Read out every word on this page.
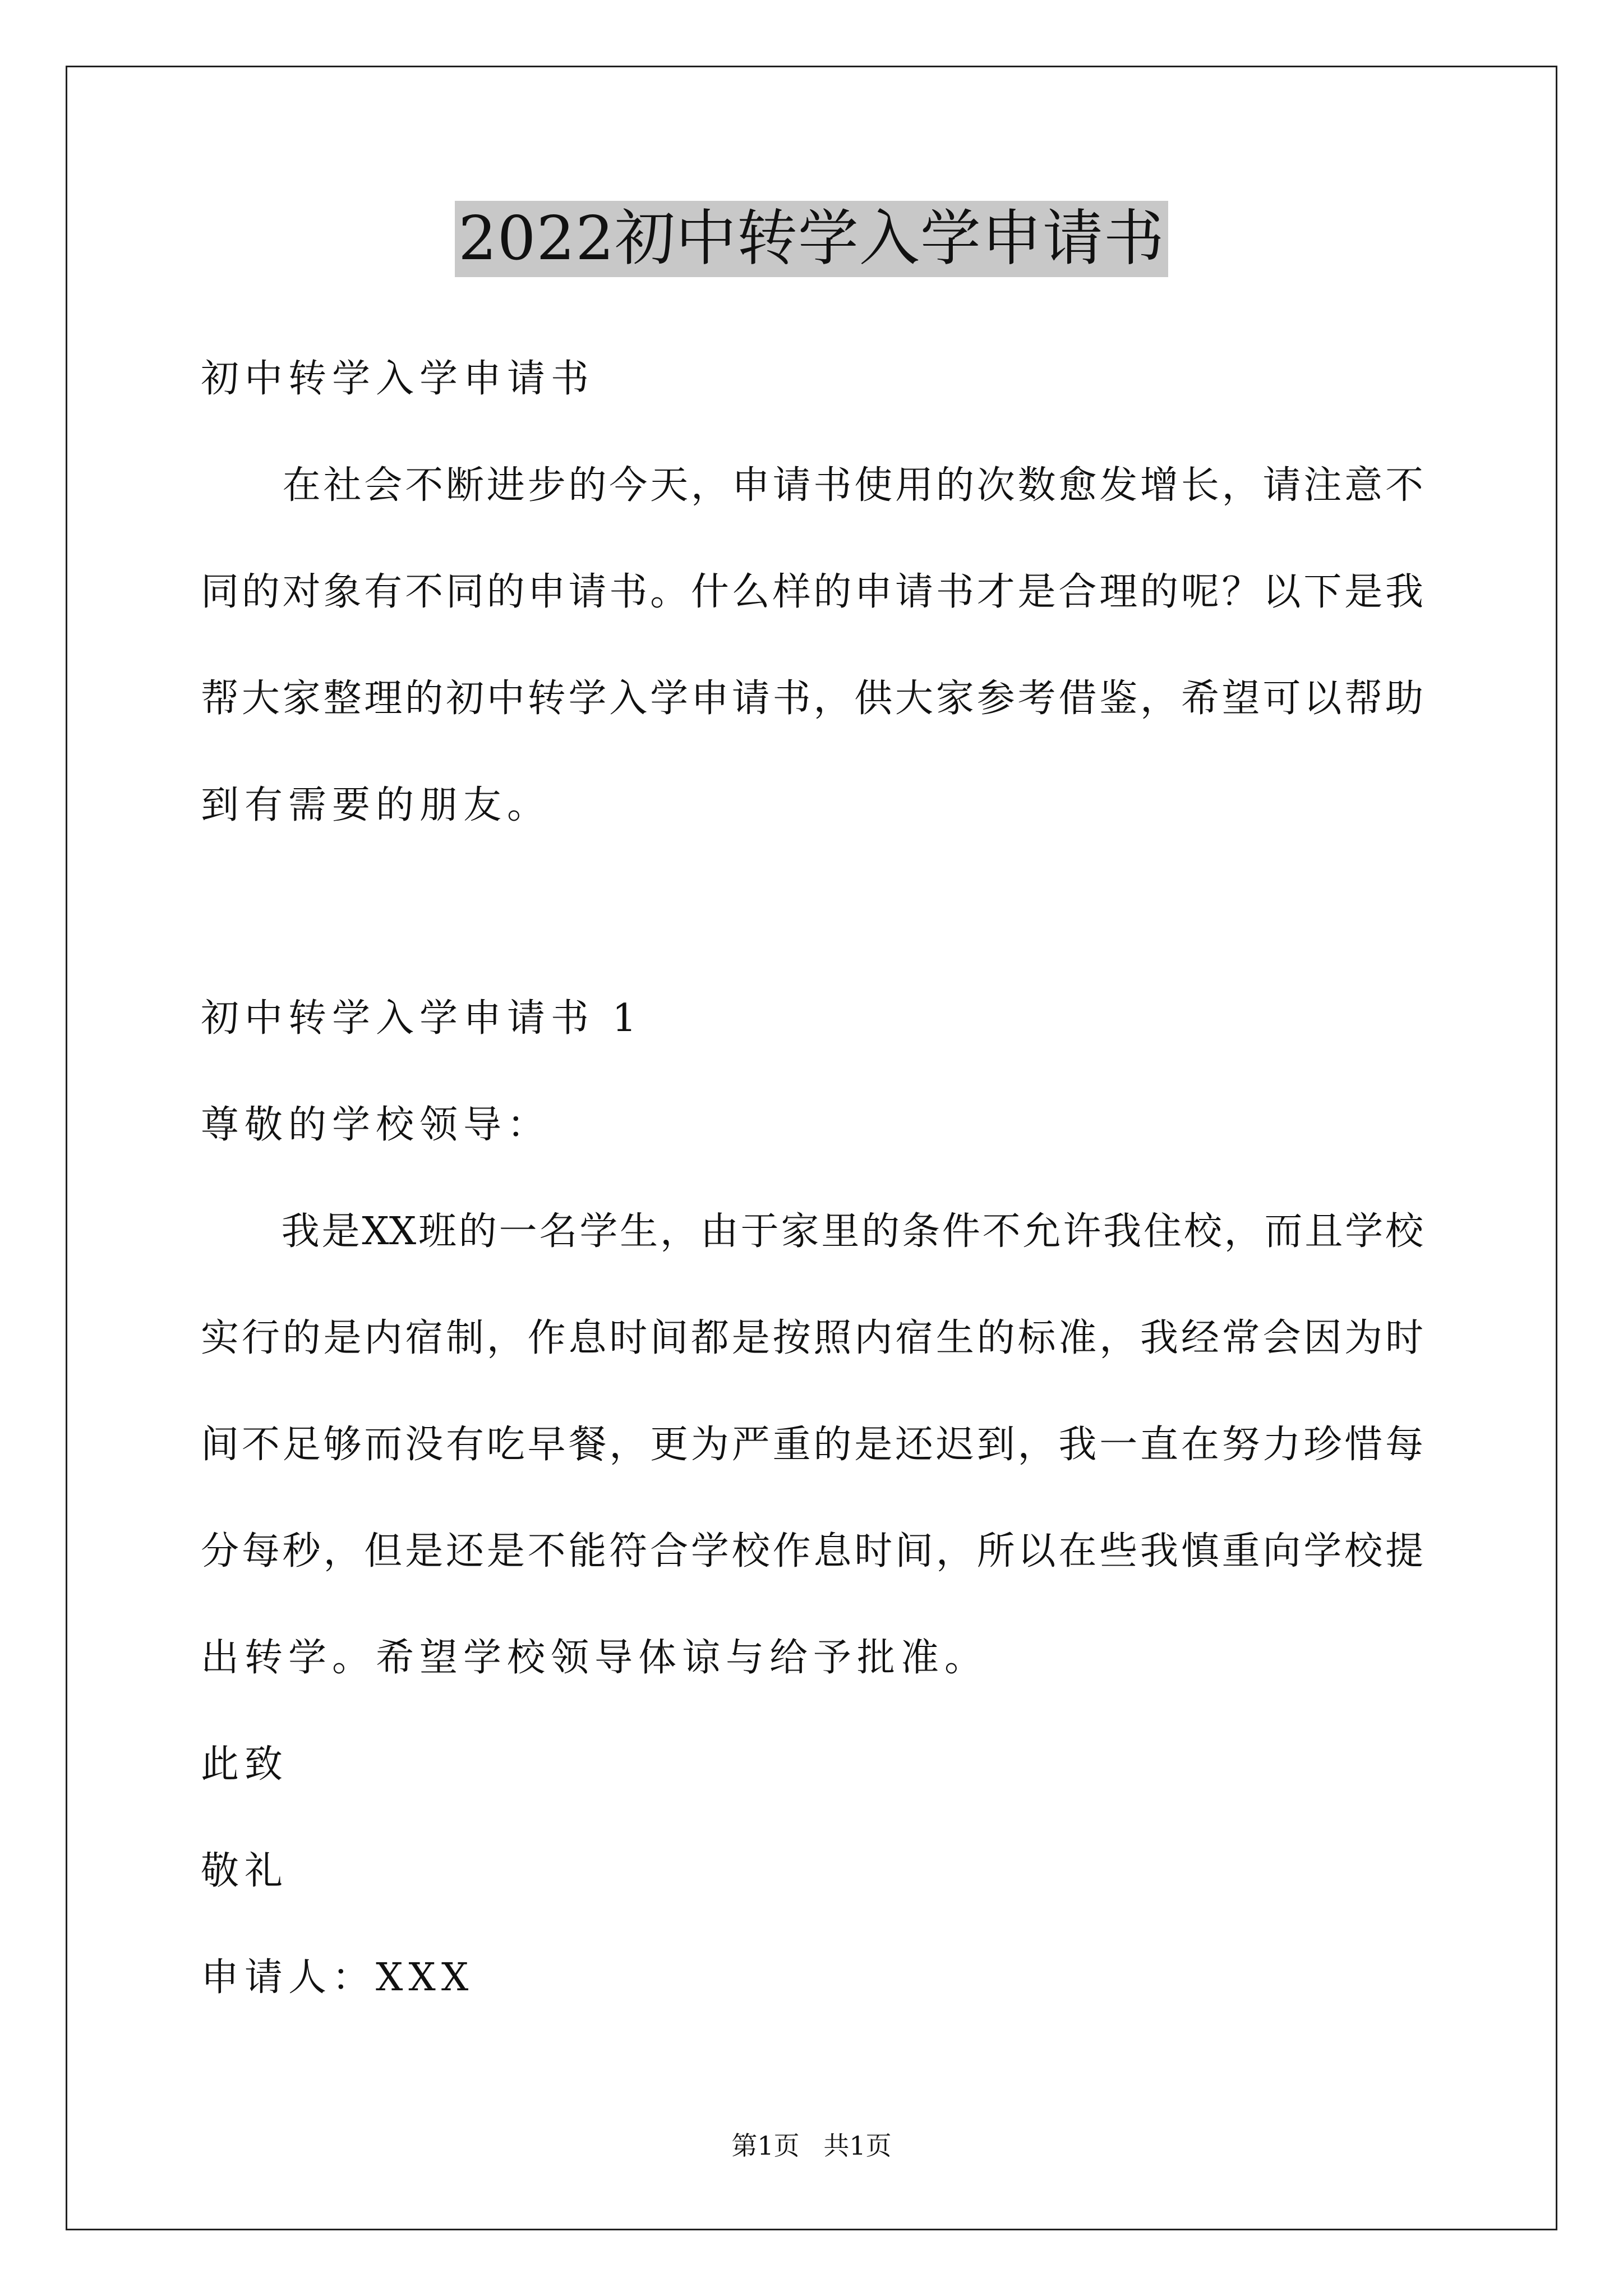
2022初中转学入学申请书
初中转学入学申请书
　　在社会不断进步的今天，申请书使用的次数愈发增长，请注意不
同的对象有不同的申请书。什么样的申请书才是合理的呢？以下是我
帮大家整理的初中转学入学申请书，供大家参考借鉴，希望可以帮助
到有需要的朋友。
初中转学入学申请书 1
尊敬的学校领导：
　　我是XX班的一名学生，由于家里的条件不允许我住校，而且学校
实行的是内宿制，作息时间都是按照内宿生的标准，我经常会因为时
间不足够而没有吃早餐，更为严重的是还迟到，我一直在努力珍惜每
分每秒，但是还是不能符合学校作息时间，所以在些我慎重向学校提
出转学。希望学校领导体谅与给予批准。
此致
敬礼
申请人：XXX
第1页 共1页
